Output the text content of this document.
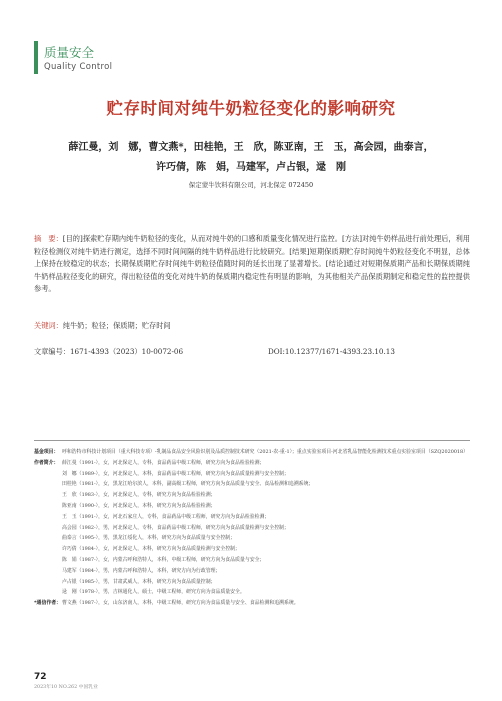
质量安全
Quality Control
贮存时间对纯牛奶粒径变化的影响研究
薛江曼，刘　娜，曹文燕*，田桂艳，王　欣，陈亚南，王　玉，高会园，曲泰言，
许巧倩，陈　娟，马建军，卢占银，逯　刚
保定蒙牛饮料有限公司，河北保定 072450
摘　要：[目的]探索贮存期内纯牛奶粒径的变化，从而对纯牛奶的口感和质量变化情况进行监控。[方法]对纯牛奶样品进行前处理后，利用粒径检测仪对纯牛奶进行测定，选择不同时间间隔的纯牛奶样品进行比较研究。[结果]短期保质期贮存时间纯牛奶粒径变化不明显，总体上保持在较稳定的状态；长期保质期贮存时间纯牛奶粒径值随时间的延长出现了显著增长。[结论]通过对短期保质期产品和长期保质期纯牛奶样品粒径变化的研究，得出粒径值的变化对纯牛奶的保质期内稳定性有明显的影响，为其他相关产品保质期制定和稳定性的监控提供参考。
关键词：纯牛奶；粒径；保质期；贮存时间
文章编号：1671-4393（2023）10-0072-06	DOI:10.12377/1671-4393.23.10.13
基金项目： 呼和浩特市科技计划项目（重大科技专项）-乳制品食品安全风险识别及品质控制技术研究（2021-农-重-1）；重点实验室项目-河北省乳品智能化检测技术重点实验室项目（SZQ2020018）
作者简介： 薛江曼（1991-），女，河北保定人，专科，食品药品中级工程师，研究方向为食品检验检测；
刘　娜（1989-），女，河北保定人，本科，食品药品中级工程师，研究方向为食品质量检测与安全控制；
田桂艳（1981-），女，黑龙江哈尔滨人，本科，副高级工程师，研究方向为食品质量与安全、食品检测和追溯系统；
王　欣（1983-），女，河北保定人，专科，研究方向为食品检验检测；
陈亚南（1990-），女，河北保定人，本科，研究方向为食品检验检测；
王　玉（1991-），女，河北石家庄人，专科，食品药品中级工程师，研究方向为食品检验检测；
高会园（1982-），男，河北保定人，专科，食品药品中级工程师，研究方向为食品质量检测与安全控制；
曲泰言（1995-），男，黑龙江绥化人，本科，研究方向为食品质量与安全控制；
许巧倩（1984-），女，河北保定人，本科，研究方向为食品质量检测与安全控制；
陈　娟（1987-），女，内蒙古呼和浩特人，本科，中级工程师，研究方向为食品质量与安全；
马建军（1984-），男，内蒙古呼和浩特人，本科，研究方向为行政管理；
卢占银（1985-），男，甘肃武威人，本科，研究方向为食品质量控制；
逯　刚（1978-），男，吉林通化人，硕士，中级工程师，研究方向为食品质量安全。
*通信作者： 曹文燕（1987-），女，山东济南人，本科，中级工程师，研究方向为食品质量与安全、食品检测和追溯系统。
72
2023年10 NO.262 中国乳业
